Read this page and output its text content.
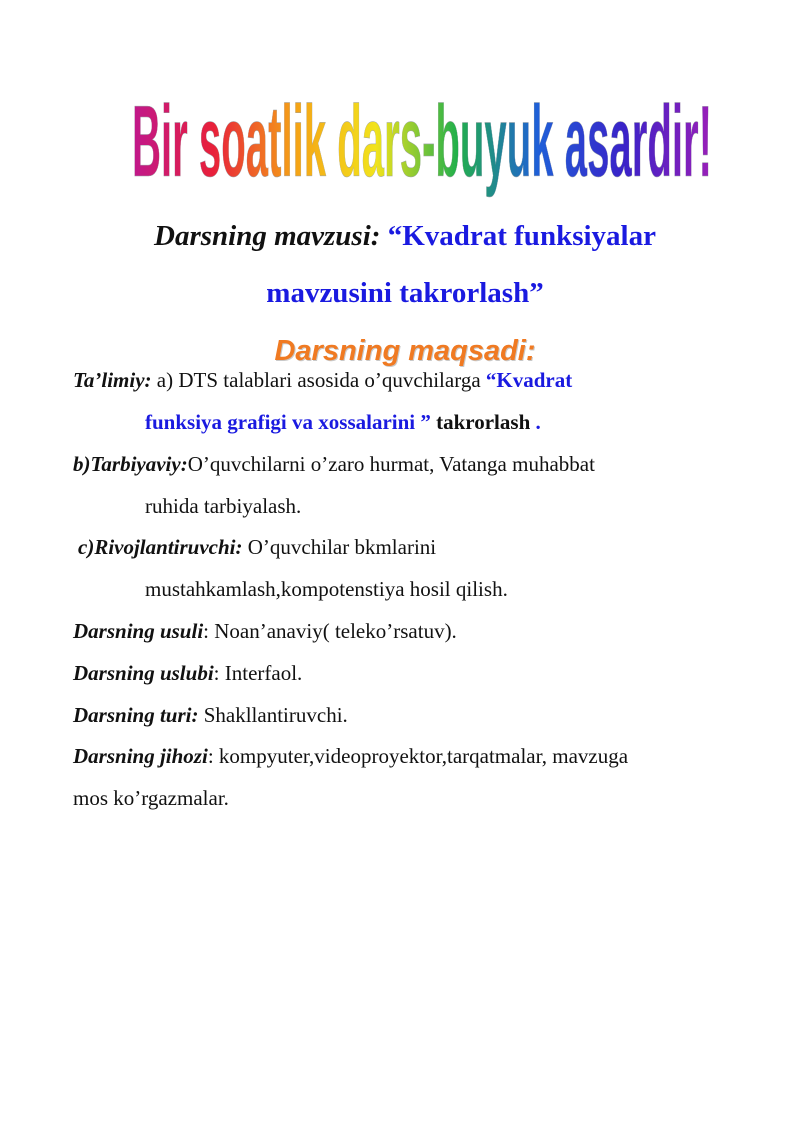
Bir soatlik dars-buyuk asardir!
Darsning mavzusi: “Kvadrat funksiyalar
mavzusini takrorlash”
Darsning maqsadi:
Ta’limiy: a) DTS talablari asosida o’quvchilarga “Kvadrat
funksiya grafigi va xossalarini ” takrorlash .
b)Tarbiyaviy:O’quvchilarni o’zaro hurmat, Vatanga muhabbat
ruhida tarbiyalash.
c)Rivojlantiruvchi: O’quvchilar bkmlarini
mustahkamlash,kompotenstiya hosil qilish.
Darsning usuli: Noan’anaviy( teleko’rsatuv).
Darsning uslubi: Interfaol.
Darsning turi: Shakllantiruvchi.
Darsning jihozi: kompyuter,videoproyektor,tarqatmalar, mavzuga
mos ko’rgazmalar.
